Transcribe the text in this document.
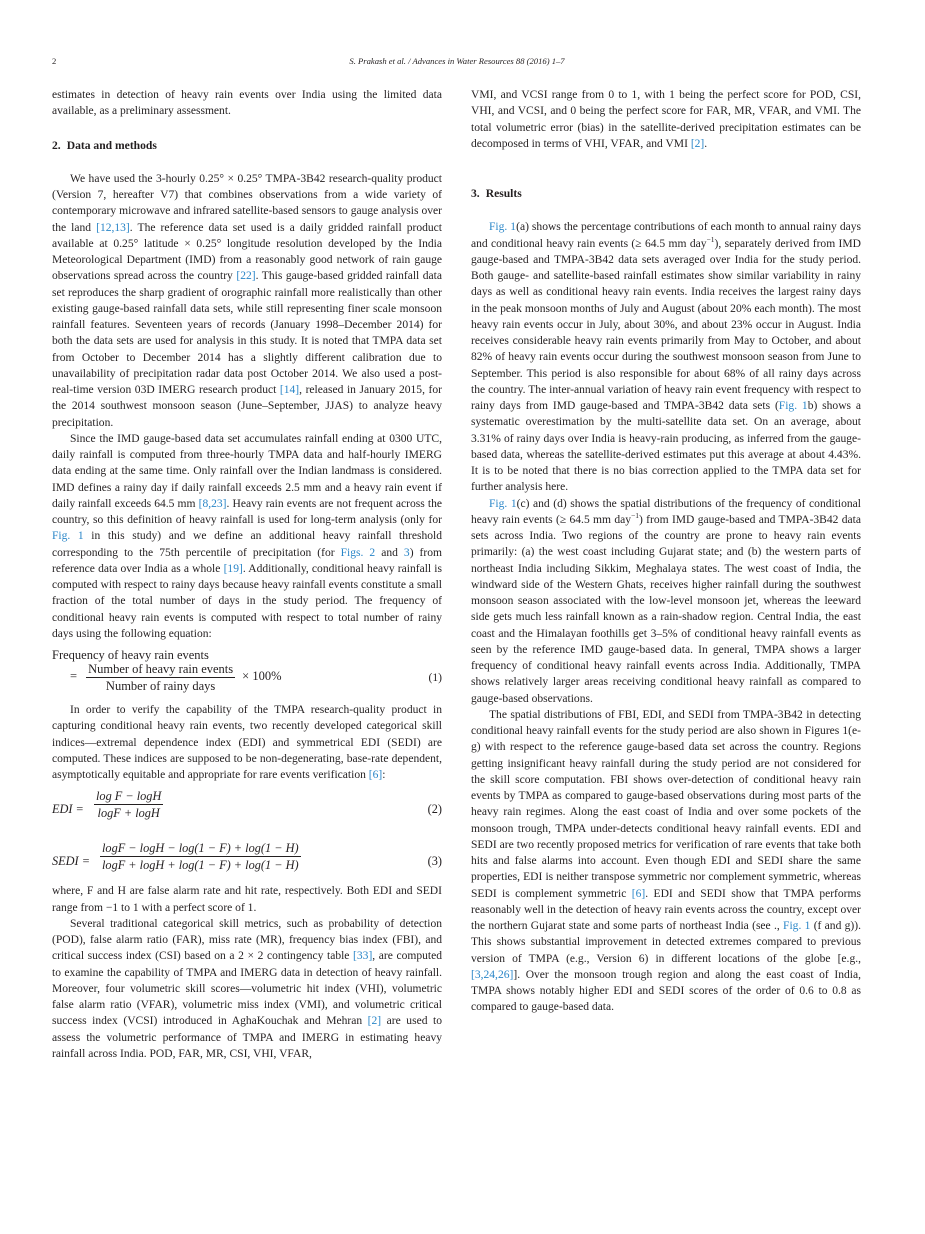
2	S. Prakash et al. / Advances in Water Resources 88 (2016) 1–7

estimates in detection of heavy rain events over India using the limited data available, as a preliminary assessment.

2. Data and methods

We have used the 3-hourly 0.25° × 0.25° TMPA-3B42 research-quality product (Version 7, hereafter V7) that combines observations from a wide variety of contemporary microwave and infrared satellite-based sensors to gauge analysis over the land [12,13]. The reference data set used is a daily gridded rainfall product available at 0.25° latitude × 0.25° longitude resolution developed by the India Meteorological Department (IMD) from a reasonably good network of rain gauge observations spread across the country [22]. This gauge-based gridded rainfall data set reproduces the sharp gradient of orographic rainfall more realistically than other existing gauge-based rainfall data sets, while still representing finer scale monsoon rainfall features. Seventeen years of records (January 1998–December 2014) for both the data sets are used for analysis in this study. It is noted that TMPA data set from October to December 2014 has a slightly different calibration due to unavailability of precipitation radar data post October 2014. We also used a post-real-time version 03D IMERG research product [14], released in January 2015, for the 2014 southwest monsoon season (June–September, JJAS) to analyze heavy precipitation.

Since the IMD gauge-based data set accumulates rainfall ending at 0300 UTC, daily rainfall is computed from three-hourly TMPA data and half-hourly IMERG data ending at the same time. Only rainfall over the Indian landmass is considered. IMD defines a rainy day if daily rainfall exceeds 2.5 mm and a heavy rain event if daily rainfall exceeds 64.5 mm [8,23]. Heavy rain events are not frequent across the country, so this definition of heavy rainfall is used for long-term analysis (only for Fig. 1 in this study) and we define an additional heavy rainfall threshold corresponding to the 75th percentile of precipitation (for Figs. 2 and 3) from reference data over India as a whole [19]. Additionally, conditional heavy rainfall is computed with respect to rainy days because heavy rainfall events constitute a small fraction of the total number of days in the study period. The frequency of conditional heavy rain events is computed with respect to total number of rainy days using the following equation:

Frequency of heavy rain events
= $\frac{\text{Number of heavy rain events}}{\text{Number of rainy days}} \times 100\%$	(1)

In order to verify the capability of the TMPA research-quality product in capturing conditional heavy rain events, two recently developed categorical skill indices—extremal dependence index (EDI) and symmetrical EDI (SEDI) are computed. These indices are supposed to be non-degenerating, base-rate dependent, asymptotically equitable and appropriate for rare events verification [6]:

EDI = $\frac{\text{log F − logH}}{\log F + \log H}$	(2)
SEDI = $\frac{\log F - \log H - \log(1 - F) + \log(1 - H)}{\log F + \log H + \log(1 - F) + \log(1 - H)}$	(3)

where, F and H are false alarm rate and hit rate, respectively. Both EDI and SEDI range from −1 to 1 with a perfect score of 1.

Several traditional categorical skill metrics, such as probability of detection (POD), false alarm ratio (FAR), miss rate (MR), frequency bias index (FBI), and critical success index (CSI) based on a 2 × 2 contingency table [33], are computed to examine the capability of TMPA and IMERG data in detection of heavy rainfall. Moreover, four volumetric skill scores—volumetric hit index (VHI), volumetric false alarm ratio (VFAR), volumetric miss index (VMI), and volumetric critical success index (VCSI) introduced in AghaKouchak and Mehran [2] are used to assess the volumetric performance of TMPA and IMERG in estimating heavy rainfall across India. POD, FAR, MR, CSI, VHI, VFAR,

VMI, and VCSI range from 0 to 1, with 1 being the perfect score for POD, CSI, VHI, and VCSI, and 0 being the perfect score for FAR, MR, VFAR, and VMI. The total volumetric error (bias) in the satellite-derived precipitation estimates can be decomposed in terms of VHI, VFAR, and VMI [2].

3. Results

Fig. 1(a) shows the percentage contributions of each month to annual rainy days and conditional heavy rain events (≥ 64.5 mm day$^{-1}$), separately derived from IMD gauge-based and TMPA-3B42 data sets averaged over India for the study period. Both gauge- and satellite-based rainfall estimates show similar variability in rainy days as well as conditional heavy rain events. India receives the largest rainy days in the peak monsoon months of July and August (about 20% each month). The most heavy rain events occur in July, about 30%, and about 23% occur in August. India receives considerable heavy rain events primarily from May to October, and about 82% of heavy rain events occur during the southwest monsoon season from June to September. This period is also responsible for about 68% of all rainy days across the country. The inter-annual variation of heavy rain event frequency with respect to rainy days from IMD gauge-based and TMPA-3B42 data sets (Fig. 1b) shows a systematic overestimation by the multi-satellite data set. On an average, about 3.31% of rainy days over India is heavy-rain producing, as inferred from the gauge-based data, whereas the satellite-derived estimates put this average at about 4.43%. It is to be noted that there is no bias correction applied to the TMPA data set for further analysis here.

Fig. 1(c) and (d) shows the spatial distributions of the frequency of conditional heavy rain events (≥ 64.5 mm day$^{-1}$) from IMD gauge-based and TMPA-3B42 data sets across India. Two regions of the country are prone to heavy rain events primarily: (a) the west coast including Gujarat state; and (b) the western parts of northeast India including Sikkim, Meghalaya states. The west coast of India, the windward side of the Western Ghats, receives higher rainfall during the southwest monsoon season associated with the low-level monsoon jet, whereas the leeward side gets much less rainfall known as a rain-shadow region. Central India, the east coast and the Himalayan foothills get 3–5% of conditional heavy rainfall events as seen by the reference IMD gauge-based data. In general, TMPA shows a larger frequency of conditional heavy rainfall events across India. Additionally, TMPA shows relatively larger areas receiving conditional heavy rainfall as compared to gauge-based observations.

The spatial distributions of FBI, EDI, and SEDI from TMPA-3B42 in detecting conditional heavy rainfall events for the study period are also shown in Figures 1(e-g) with respect to the reference gauge-based data set across the country. Regions getting insignificant heavy rainfall during the study period are not considered for the skill score computation. FBI shows over-detection of conditional heavy rain events by TMPA as compared to gauge-based observations during most parts of the heavy rain regimes. Along the east coast of India and over some pockets of the monsoon trough, TMPA under-detects conditional heavy rainfall events. EDI and SEDI are two recently proposed metrics for verification of rare events that take both hits and false alarms into account. Even though EDI and SEDI share the same properties, EDI is neither transpose symmetric nor complement symmetric, whereas SEDI is complement symmetric [6]. EDI and SEDI show that TMPA performs reasonably well in the detection of heavy rain events across the country, except over the northern Gujarat state and some parts of northeast India (see ., Fig. 1 (f and g)). This shows substantial improvement in detected extremes compared to previous version of TMPA (e.g., Version 6) in different locations of the globe [e.g., [3,24,26]]. Over the monsoon trough region and along the east coast of India, TMPA shows notably higher EDI and SEDI scores of the order of 0.6 to 0.8 as compared to gauge-based data.
